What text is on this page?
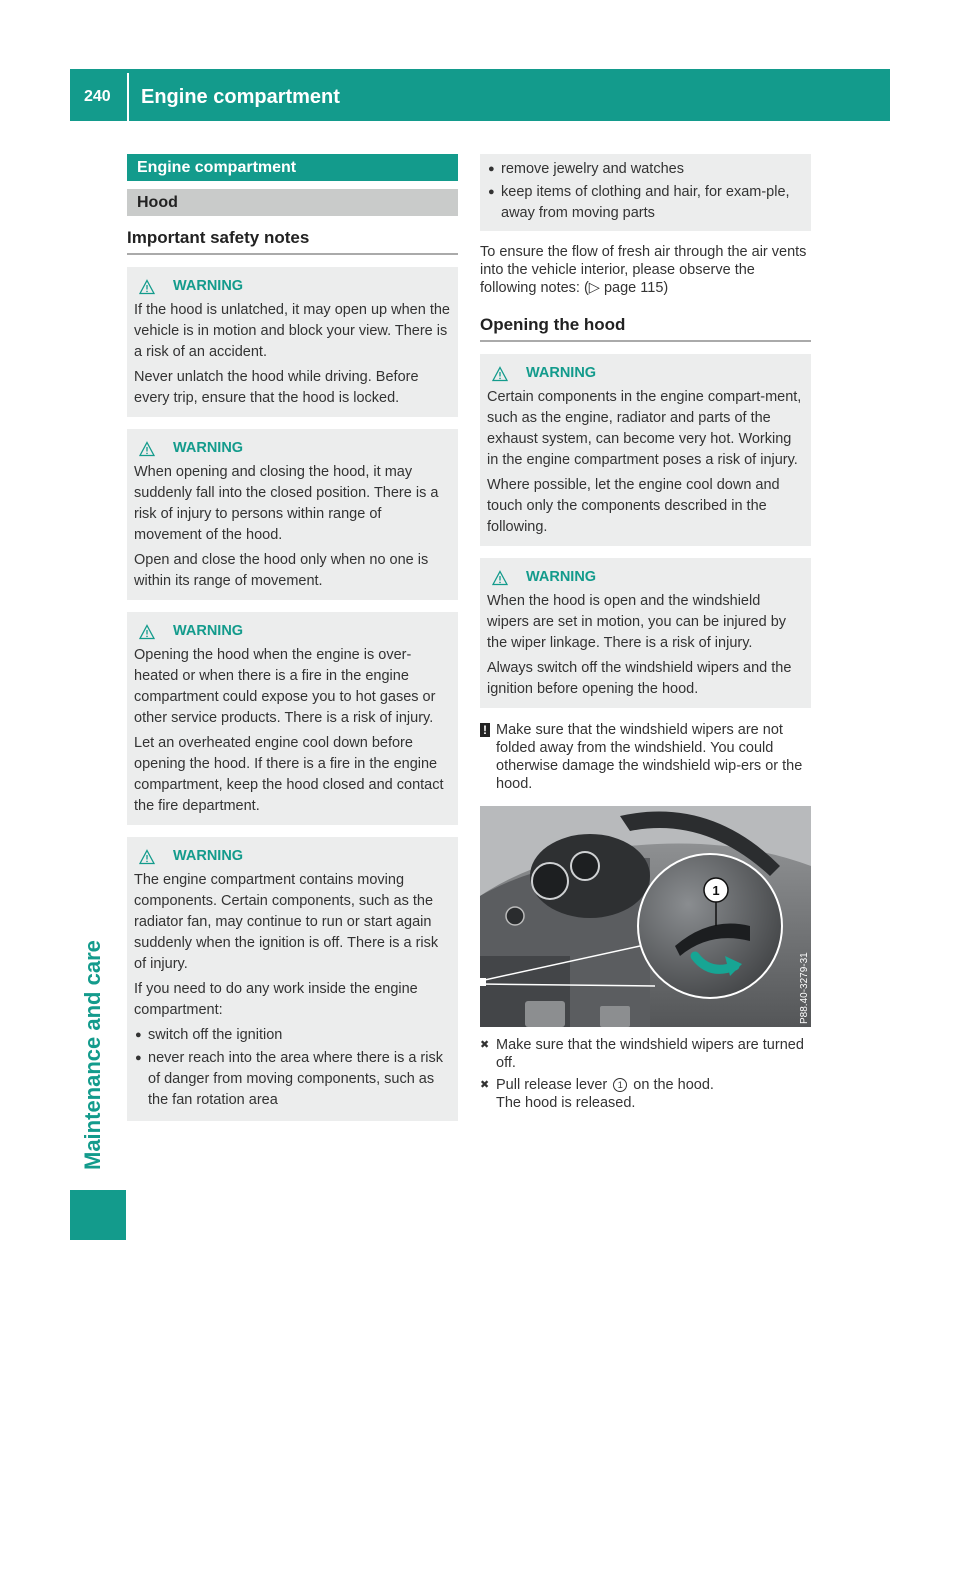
240 Engine compartment
Maintenance and care
Engine compartment
Hood
Important safety notes
WARNING

If the hood is unlatched, it may open up when the vehicle is in motion and block your view. There is a risk of an accident.

Never unlatch the hood while driving. Before every trip, ensure that the hood is locked.

WARNING

When opening and closing the hood, it may suddenly fall into the closed position. There is a risk of injury to persons within range of movement of the hood.

Open and close the hood only when no one is within its range of movement.

WARNING

Opening the hood when the engine is over-heated or when there is a fire in the engine compartment could expose you to hot gases or other service products. There is a risk of injury.

Let an overheated engine cool down before opening the hood. If there is a fire in the engine compartment, keep the hood closed and contact the fire department.

WARNING

The engine compartment contains moving components. Certain components, such as the radiator fan, may continue to run or start again suddenly when the ignition is off. There is a risk of injury.

If you need to do any work inside the engine compartment:

● switch off the ignition
● never reach into the area where there is a risk of danger from moving components, such as the fan rotation area
● remove jewelry and watches
● keep items of clothing and hair, for exam-ple, away from moving parts
To ensure the flow of fresh air through the air vents into the vehicle interior, please observe the following notes: (▷ page 115)
Opening the hood
WARNING

Certain components in the engine compart-ment, such as the engine, radiator and parts of the exhaust system, can become very hot. Working in the engine compartment poses a risk of injury.

Where possible, let the engine cool down and touch only the components described in the following.

WARNING

When the hood is open and the windshield wipers are set in motion, you can be injured by the wiper linkage. There is a risk of injury.

Always switch off the windshield wipers and the ignition before opening the hood.

! Make sure that the windshield wipers are not folded away from the windshield. You could otherwise damage the windshield wip-ers or the hood.
1
P88.40-3279-31
✖ Make sure that the windshield wipers are turned off.
✖ Pull release lever 1 on the hood.
The hood is released.
